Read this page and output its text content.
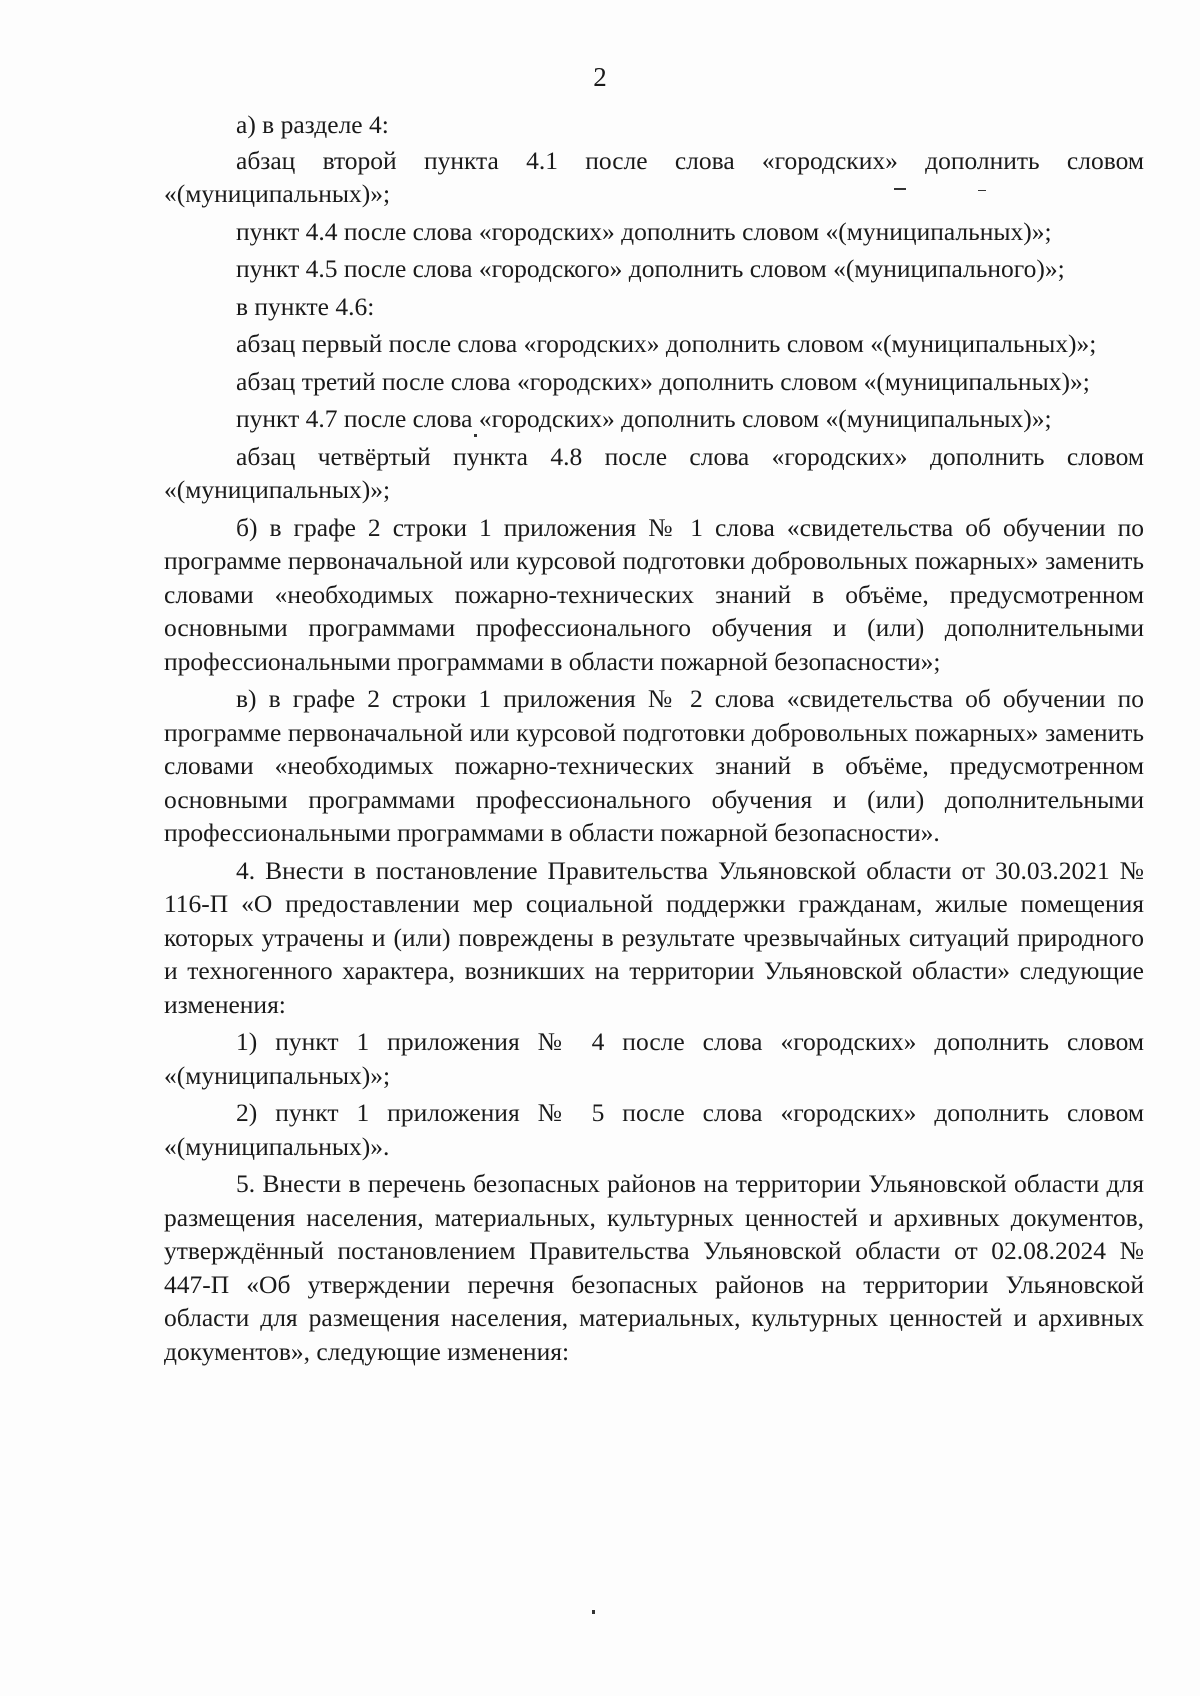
2

а) в разделе 4:

абзац второй пункта 4.1 после слова «городских» дополнить словом «(муниципальных)»;

пункт 4.4 после слова «городских» дополнить словом «(муниципальных)»;

пункт 4.5 после слова «городского» дополнить словом «(муниципального)»;

в пункте 4.6:

абзац первый после слова «городских» дополнить словом «(муниципальных)»;

абзац третий после слова «городских» дополнить словом «(муниципальных)»;

пункт 4.7 после слова «городских» дополнить словом «(муниципальных)»;

абзац четвёртый пункта 4.8 после слова «городских» дополнить словом «(муниципальных)»;

б) в графе 2 строки 1 приложения № 1 слова «свидетельства об обучении по программе первоначальной или курсовой подготовки добровольных пожарных» заменить словами «необходимых пожарно-технических знаний в объёме, предусмотренном основными программами профессионального обучения и (или) дополнительными профессиональными программами в области пожарной безопасности»;

в) в графе 2 строки 1 приложения № 2 слова «свидетельства об обучении по программе первоначальной или курсовой подготовки добровольных пожарных» заменить словами «необходимых пожарно-технических знаний в объёме, предусмотренном основными программами профессионального обучения и (или) дополнительными профессиональными программами в области пожарной безопасности».

4. Внести в постановление Правительства Ульяновской области от 30.03.2021 № 116-П «О предоставлении мер социальной поддержки гражданам, жилые помещения которых утрачены и (или) повреждены в результате чрезвычайных ситуаций природного и техногенного характера, возникших на территории Ульяновской области» следующие изменения:

1) пункт 1 приложения № 4 после слова «городских» дополнить словом «(муниципальных)»;

2) пункт 1 приложения № 5 после слова «городских» дополнить словом «(муниципальных)».

5. Внести в перечень безопасных районов на территории Ульяновской области для размещения населения, материальных, культурных ценностей и архивных документов, утверждённый постановлением Правительства Ульяновской области от 02.08.2024 № 447-П «Об утверждении перечня безопасных районов на территории Ульяновской области для размещения населения, материальных, культурных ценностей и архивных документов», следующие изменения:
